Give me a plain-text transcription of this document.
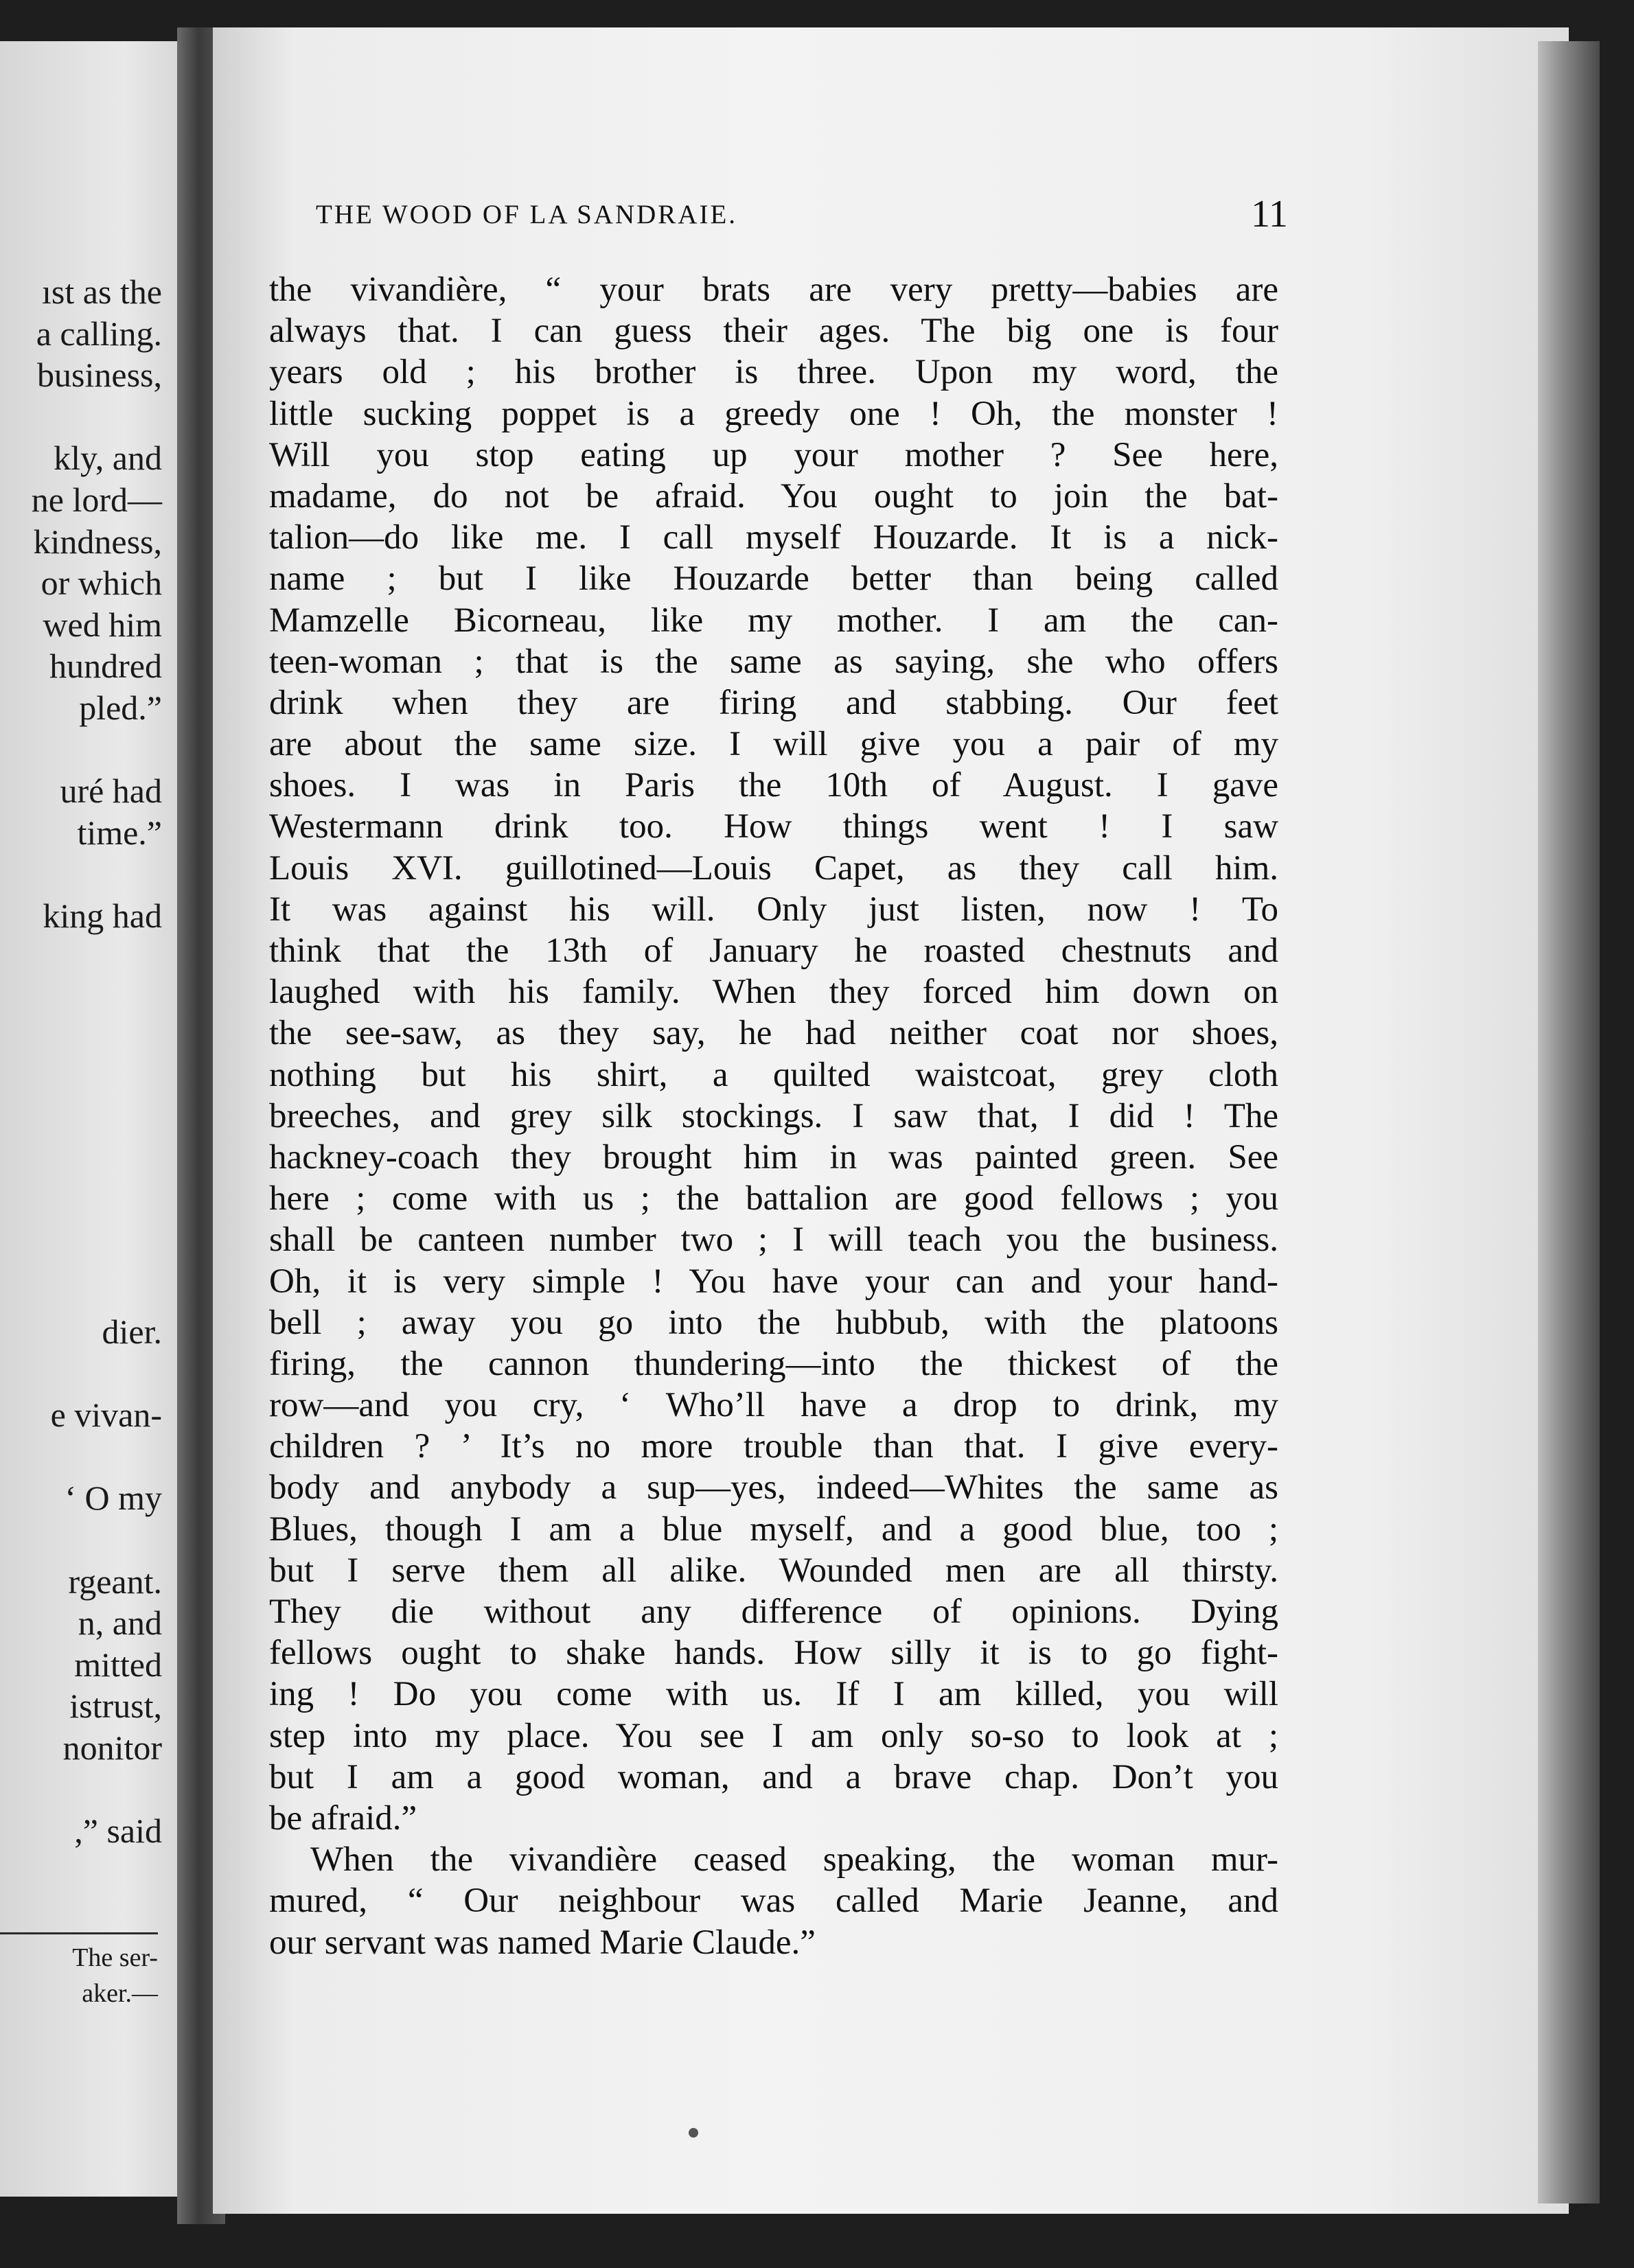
ıst as the
a calling.
business,
kly, and
ne lord—
kindness,
or which
wed him
hundred
pled.”
uré had
time.”
king had
dier.
e vivan-
‘ O my
rgeant.
n, and
mitted
istrust,
nonitor
,” said
The ser-
aker.—
THE WOOD OF LA SANDRAIE.	11
the vivandière, “ your brats are very pretty—babies are
always that. I can guess their ages. The big one is four
years old ; his brother is three. Upon my word, the
little sucking poppet is a greedy one ! Oh, the monster !
Will you stop eating up your mother ? See here,
madame, do not be afraid. You ought to join the bat-
talion—do like me. I call myself Houzarde. It is a nick-
name ; but I like Houzarde better than being called
Mamzelle Bicorneau, like my mother. I am the can-
teen-woman ; that is the same as saying, she who offers
drink when they are firing and stabbing. Our feet
are about the same size. I will give you a pair of my
shoes. I was in Paris the 10th of August. I gave
Westermann drink too. How things went ! I saw
Louis XVI. guillotined—Louis Capet, as they call him.
It was against his will. Only just listen, now ! To
think that the 13th of January he roasted chestnuts and
laughed with his family. When they forced him down on
the see-saw, as they say, he had neither coat nor shoes,
nothing but his shirt, a quilted waistcoat, grey cloth
breeches, and grey silk stockings. I saw that, I did ! The
hackney-coach they brought him in was painted green. See
here ; come with us ; the battalion are good fellows ; you
shall be canteen number two ; I will teach you the business.
Oh, it is very simple ! You have your can and your hand-
bell ; away you go into the hubbub, with the platoons
firing, the cannon thundering—into the thickest of the
row—and you cry, ‘ Who’ll have a drop to drink, my
children ? ’ It’s no more trouble than that. I give every-
body and anybody a sup—yes, indeed—Whites the same as
Blues, though I am a blue myself, and a good blue, too ;
but I serve them all alike. Wounded men are all thirsty.
They die without any difference of opinions. Dying
fellows ought to shake hands. How silly it is to go fight-
ing ! Do you come with us. If I am killed, you will
step into my place. You see I am only so-so to look at ;
but I am a good woman, and a brave chap. Don’t you
be afraid.”
When the vivandière ceased speaking, the woman mur-
mured, “ Our neighbour was called Marie Jeanne, and
our servant was named Marie Claude.”
